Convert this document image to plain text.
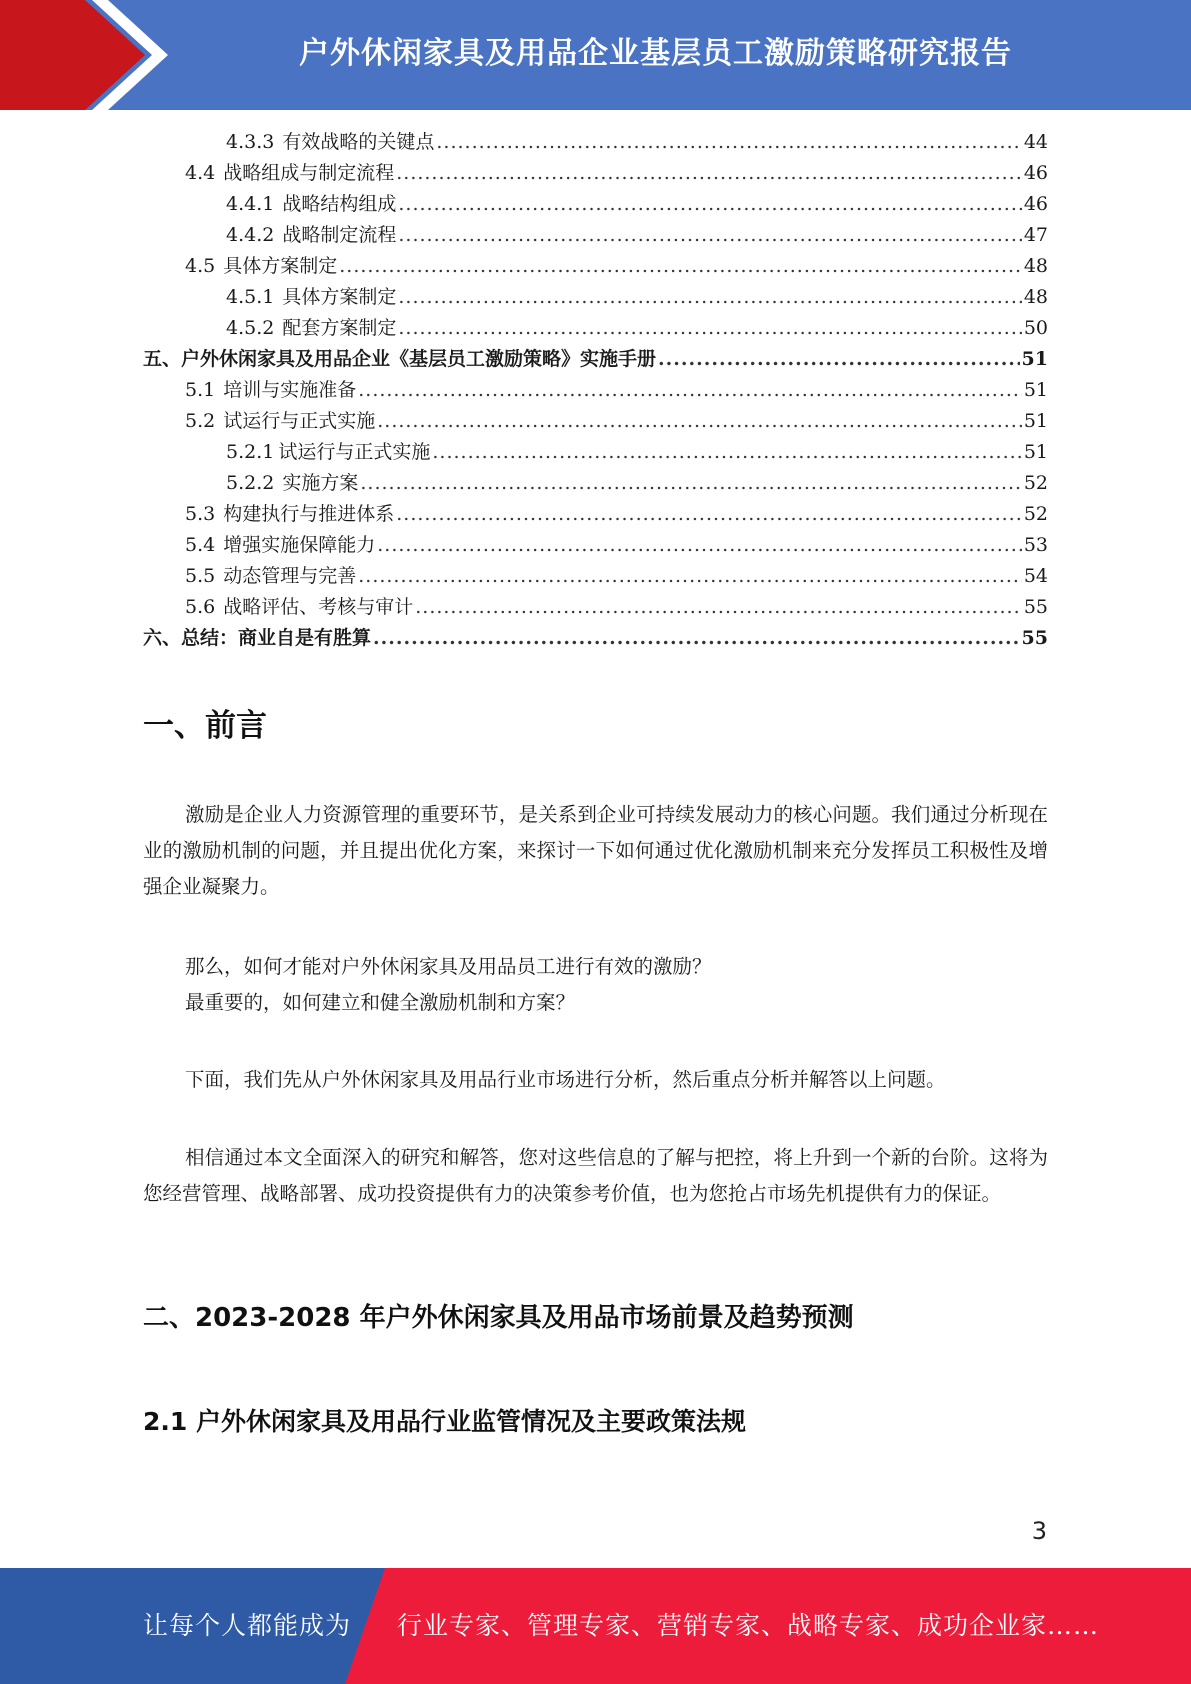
户外休闲家具及用品企业基层员工激励策略研究报告
4.3.3 有效战略的关键点 .....	44
4.4 战略组成与制定流程 .....	46
4.4.1 战略结构组成 .....	46
4.4.2 战略制定流程 .....	47
4.5 具体方案制定 .....	48
4.5.1 具体方案制定 .....	48
4.5.2 配套方案制定 .....	50
五、 户外休闲家具及用品企业《基层员工激励策略》实施手册 .....	51
5.1 培训与实施准备 .....	51
5.2 试运行与正式实施 .....	51
5.2.1 试运行与正式实施 .....	51
5.2.2 实施方案 .....	52
5.3 构建执行与推进体系 .....	52
5.4 增强实施保障能力 .....	53
5.5 动态管理与完善 .....	54
5.6 战略评估、考核与审计 .....	55
六、 总结：商业自是有胜算 .....	55
一、前言
激励是企业人力资源管理的重要环节，是关系到企业可持续发展动力的核心问题。我们通过分析现在业的激励机制的问题，并且提出优化方案，来探讨一下如何通过优化激励机制来充分发挥员工积极性及增强企业凝聚力。
那么，如何才能对户外休闲家具及用品员工进行有效的激励？
最重要的，如何建立和健全激励机制和方案？
下面，我们先从户外休闲家具及用品行业市场进行分析，然后重点分析并解答以上问题。
相信通过本文全面深入的研究和解答，您对这些信息的了解与把控，将上升到一个新的台阶。这将为您经营管理、战略部署、成功投资提供有力的决策参考价值，也为您抢占市场先机提供有力的保证。
二、2023-2028 年户外休闲家具及用品市场前景及趋势预测
2.1 户外休闲家具及用品行业监管情况及主要政策法规
3
让每个人都能成为 行业专家、管理专家、营销专家、战略专家、成功企业家……
